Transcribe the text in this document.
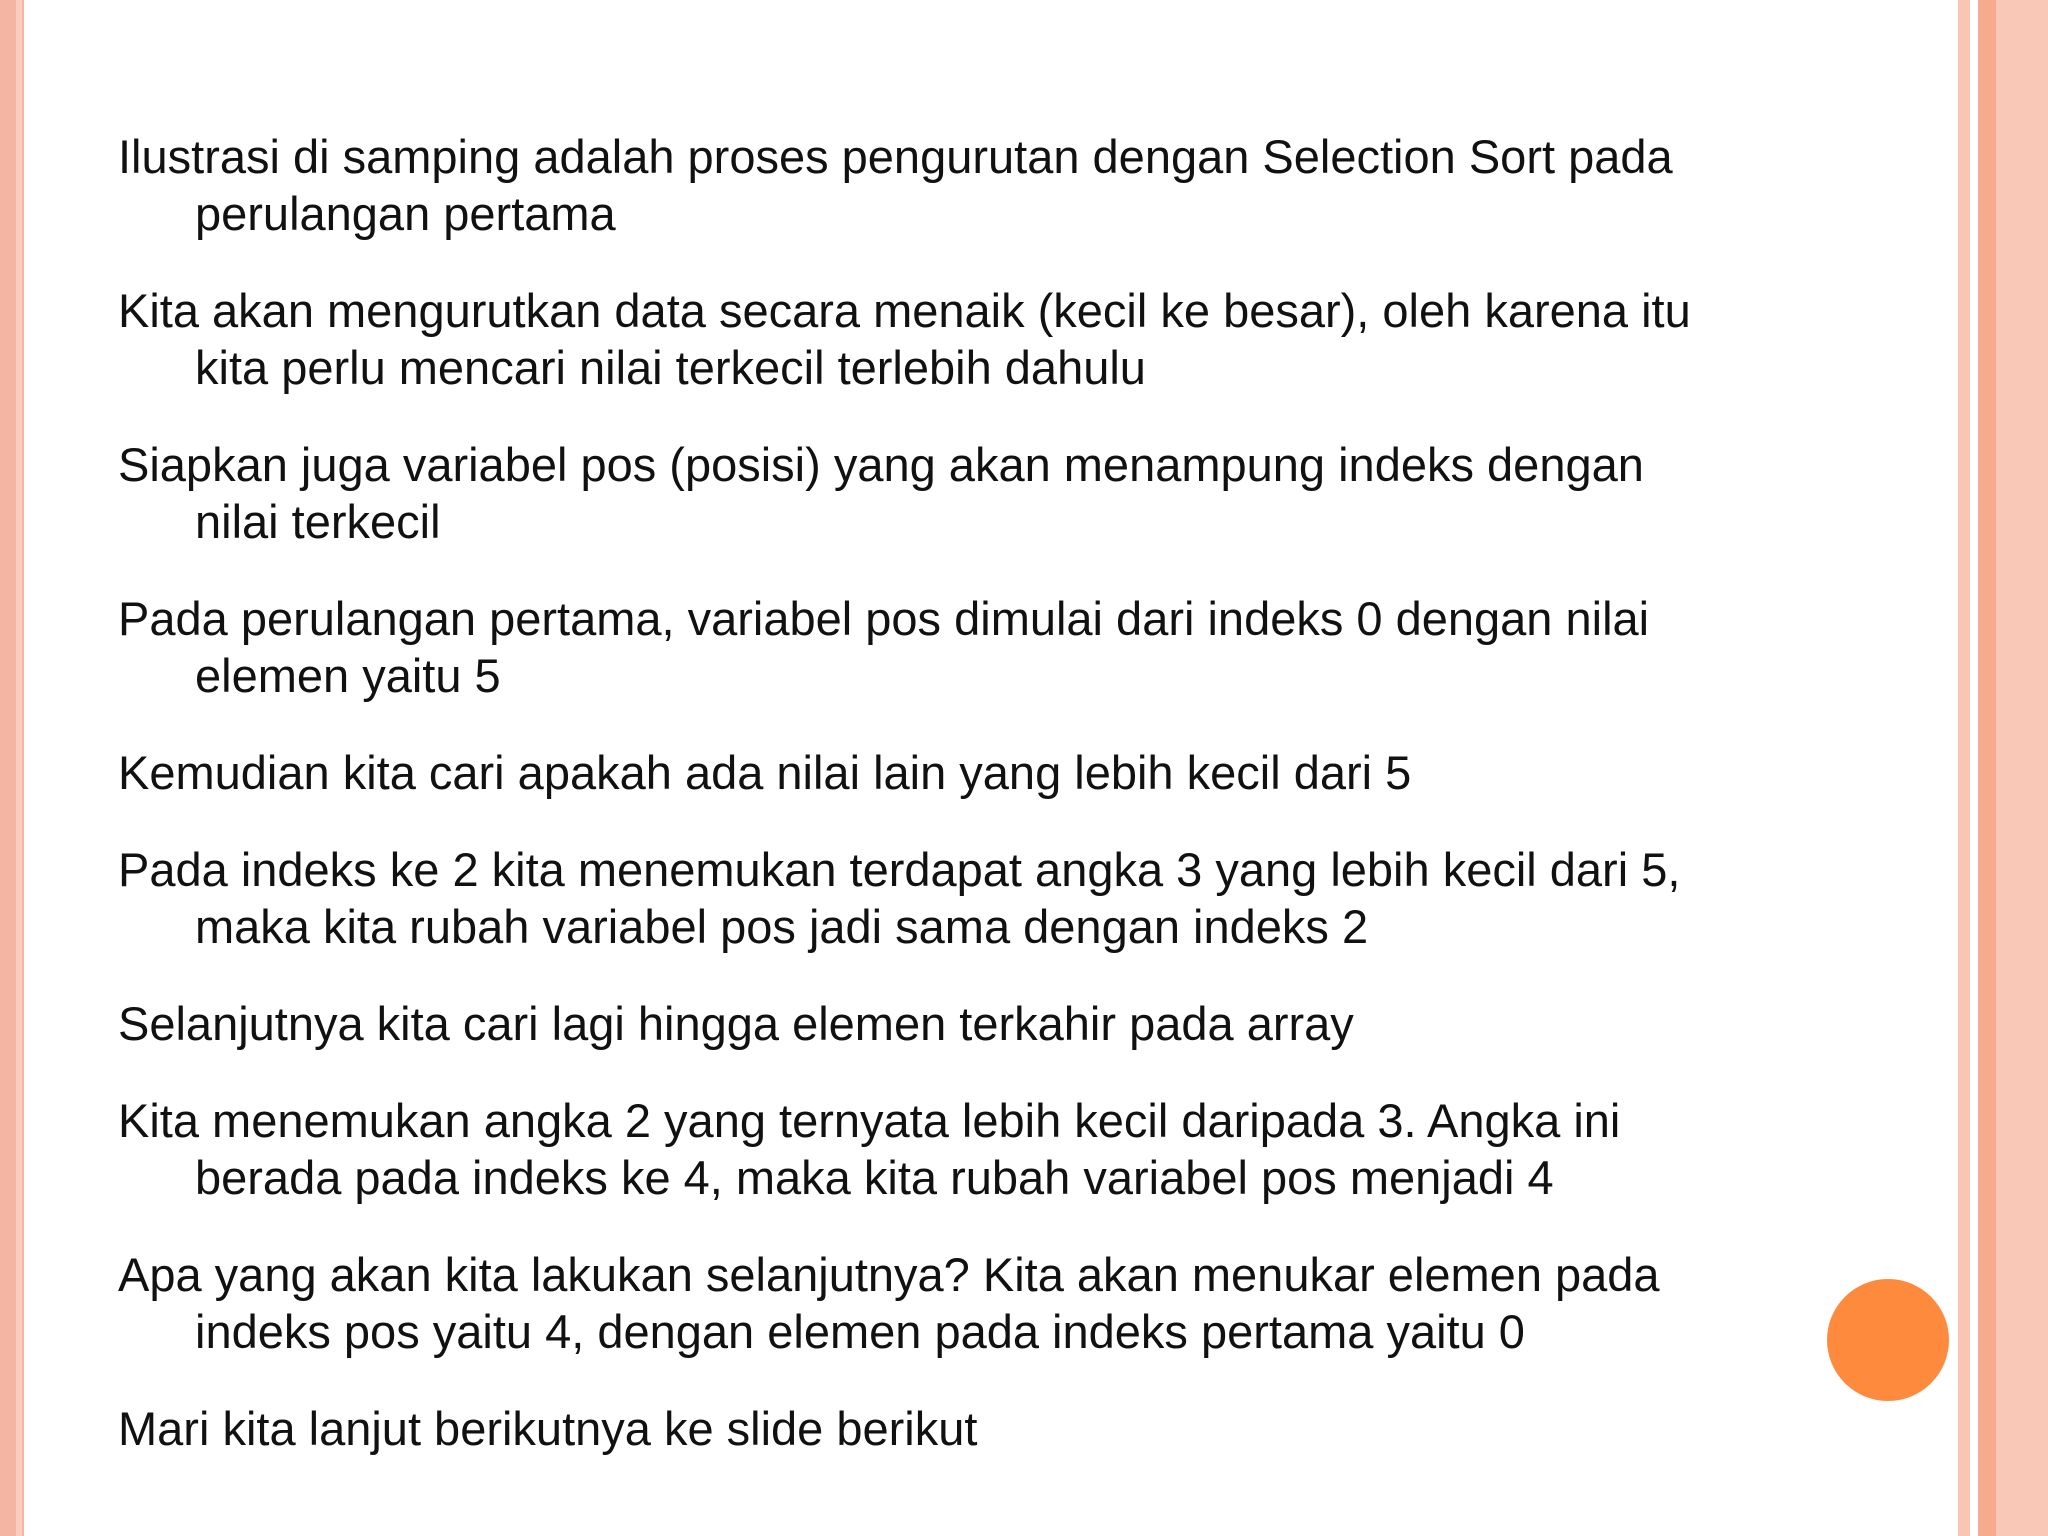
Ilustrasi di samping adalah proses pengurutan dengan Selection Sort pada perulangan pertama
Kita akan mengurutkan data secara menaik (kecil ke besar), oleh karena itu kita perlu mencari nilai terkecil terlebih dahulu
Siapkan juga variabel pos (posisi) yang akan menampung indeks dengan nilai terkecil
Pada perulangan pertama, variabel pos dimulai dari indeks 0 dengan nilai elemen yaitu 5
Kemudian kita cari apakah ada nilai lain yang lebih kecil dari 5
Pada indeks ke 2 kita menemukan terdapat angka 3 yang lebih kecil dari 5, maka kita rubah variabel pos jadi sama dengan indeks 2
Selanjutnya kita cari lagi hingga elemen terkahir pada array
Kita menemukan angka 2 yang ternyata lebih kecil daripada 3. Angka ini berada pada indeks ke 4, maka kita rubah variabel pos menjadi 4
Apa yang akan kita lakukan selanjutnya? Kita akan menukar elemen pada indeks pos yaitu 4, dengan elemen pada indeks pertama yaitu 0
Mari kita lanjut berikutnya ke slide berikut
